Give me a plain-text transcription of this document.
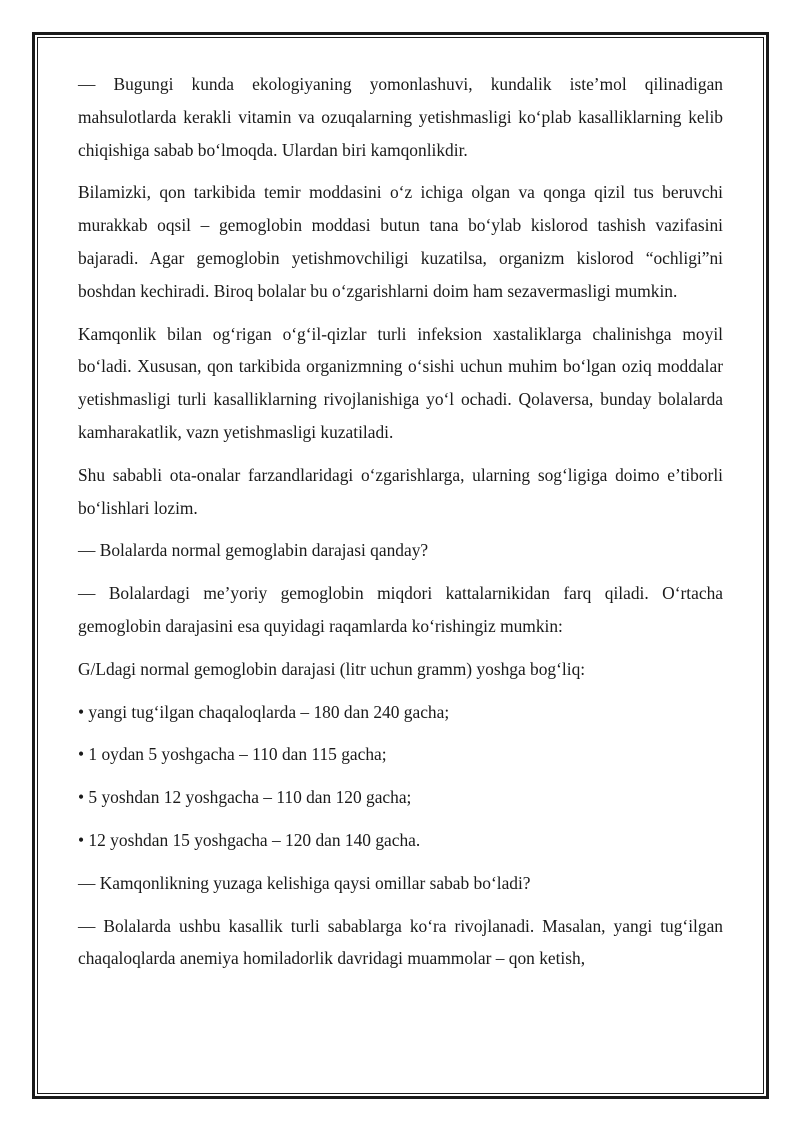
— Bugungi kunda ekologiyaning yomonlashuvi, kundalik iste’mol qilinadigan mahsulotlarda kerakli vitamin va ozuqalarning yetishmasligi koʻplab kasalliklarning kelib chiqishiga sabab boʻlmoqda. Ulardan biri kamqonlikdir.

Bilamizki, qon tarkibida temir moddasini oʻz ichiga olgan va qonga qizil tus beruvchi murakkab oqsil – gemoglobin moddasi butun tana boʻylab kislorod tashish vazifasini bajaradi. Agar gemoglobin yetishmovchiligi kuzatilsa, organizm kislorod “ochligi”ni boshdan kechiradi. Biroq bolalar bu oʻzgarishlarni doim ham sezavermasligi mumkin.

Kamqonlik bilan ogʻrigan oʻgʻil-qizlar turli infeksion xastaliklarga chalinishga moyil boʻladi. Xususan, qon tarkibida organizmning oʻsishi uchun muhim boʻlgan oziq moddalar yetishmasligi turli kasalliklarning rivojlanishiga yoʻl ochadi. Qolaversa, bunday bolalarda kamharakatlik, vazn yetishmasligi kuzatiladi.

Shu sababli ota-onalar farzandlaridagi oʻzgarishlarga, ularning sogʻligiga doimo e’tiborli boʻlishlari lozim.

— Bolalarda normal gemoglabin darajasi qanday?

— Bolalardagi me’yoriy gemoglobin miqdori kattalarnikidan farq qiladi. Oʻrtacha gemoglobin darajasini esa quyidagi raqamlarda koʻrishingiz mumkin:

G/Ldagi normal gemoglobin darajasi (litr uchun gramm) yoshga bogʻliq:

• yangi tugʻilgan chaqaloqlarda – 180 dan 240 gacha;

• 1 oydan 5 yoshgacha – 110 dan 115 gacha;

• 5 yoshdan 12 yoshgacha – 110 dan 120 gacha;

• 12 yoshdan 15 yoshgacha – 120 dan 140 gacha.

— Kamqonlikning yuzaga kelishiga qaysi omillar sabab boʻladi?

— Bolalarda ushbu kasallik turli sabablarga koʻra rivojlanadi. Masalan, yangi tugʻilgan chaqaloqlarda anemiya homiladorlik davridagi muammolar – qon ketish,
